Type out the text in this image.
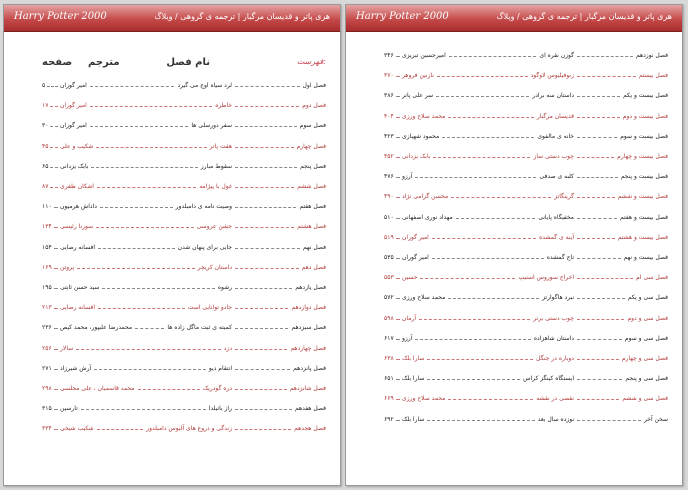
Harry Potter 2000	هری پاتر و قدیسان مرگبار | ترجمه ی گروهی / ویلاگ
فهرست:
نام فصل
مترجم
صفحه
فصل اول
لرد سیاه اوج می گیرد
امیر گوران
۵
فصل دوم
خاطره
امیر گوران
۱۷
فصل سوم
سفر دورسلی ها
امیر گوران
۳۰
فصل چهارم
هفت پاتر
شکیب و علی
۴۵
فصل پنجم
سقوط مبارز
بابک یزدانی
۶۵
فصل ششم
غول با پیژامه
اشکان ظفری
۸۷
فصل هفتم
وصیت نامه ی دامبلدور
داداش هرمیون
۱۱۰
فصل هشتم
جشن عروسی
سورنا رئیسی
۱۳۴
فصل نهم
جایی برای پنهان شدن
افسانه رضایی
۱۵۴
فصل دهم
داستان کریچر
پروتن
۱۶۹
فصل یازدهم
رشوه
سید حسن ثابتی
۱۹۵
فصل دوازدهم
جادو توانایی است
افسانه رضایی
۲۱۳
فصل سیزدهم
کمیته ی ثبت ماگل زاده ها
محمدرضا علیپور، محمد کیص
۲۳۶
فصل چهاردهم
دزد
سالار
۲۵۶
فصل پانزدهم
انتقام دیو
آرش شیرزاد
۲۷۱
فصل شانزدهم
دره گودریک
محمد قاسمیان ، علی مجلسی
۲۹۸
فصل هفدهم
راز باتیلدا
تارسین
۳۱۵
فصل هجدهم
زندگی و دروغ های آلبوس دامبلدور
شکیب شیخی
۳۳۴
Harry Potter 2000	هری پاتر و قدیسان مرگبار | ترجمه ی گروهی / ویلاگ
فصل نوزدهم
گوزن نقره ای
امیرحسین تبریزی
۳۴۶
فصل بیستم
زنوفیلیوس لاوگود
نازنین فروهر
۳۷۰
فصل بیست و یکم
داستان سه برادر
سر علی پاتر
۳۸۶
فصل بیست و دوم
قدیسان مرگبار
محمد سلاح ورزی
۴۰۴
فصل بیست و سوم
خانه ی مالفوی
محمود شهبازی
۴۲۳
فصل بیست و چهارم
چوب دستی ساز
بابک یزدانی
۴۵۲
فصل بیست و پنجم
کلبه ی صدفی
آرزو
۴۷۶
فصل بیست و ششم
گرینگاتز
محسن گرامی نژاد
۴۹۰
فصل بیست و هفتم
مخفیگاه پایانی
مهداد نوری اصفهانی
۵۱۰
فصل بیست و هشتم
آینه ی گمشده
امیر گوران
۵۱۹
فصل بیست و نهم
تاج گمشده
امیر گوران
۵۳۵
فصل سی ام
اخراج سوروس اسنیپ
حسین
۵۵۳
فصل سی و یکم
نبرد هاگوارتز
محمد سلاح ورزی
۵۷۲
فصل سی و دوم
چوب دستی برتر
آرمان
۵۹۸
فصل سی و سوم
داستان شاهزاده
آرزو
۶۱۷
فصل سی و چهارم
دوباره در جنگل
سارا بلک
۶۳۸
فصل سی و پنجم
ایستگاه کینگز کراس
سارا بلک
۶۵۱
فصل سی و ششم
نقصی در نقشه
محمد سلاح ورزی
۶۶۹
سخن آخر
نوزده سال بعد
سارا بلک
۶۹۲
